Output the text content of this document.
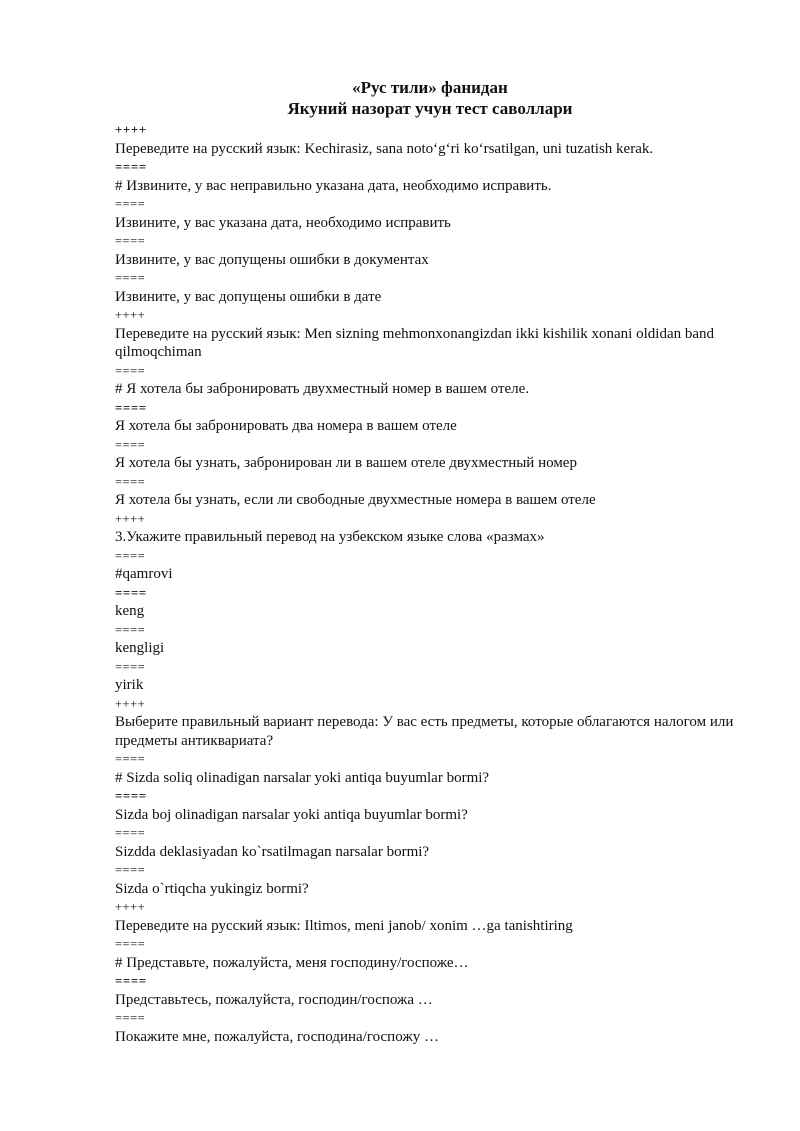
«Рус тили» фанидан
Якуний назорат учун тест саволлари
++++
Переведите на русский язык: Kechirasiz, sana noto‘g‘ri ko‘rsatilgan, uni tuzatish kerak.
====
# Извините, у вас неправильно указана дата, необходимо исправить.
====
Извините, у вас указана дата, необходимо исправить
====
Извините, у вас допущены ошибки в документах
====
Извините, у вас допущены ошибки в дате
++++
Переведите на русский язык: Men sizning mehmonxonangizdan ikki kishilik xonani oldidan band qilmoqchiman
====
# Я хотела бы забронировать двухместный номер в вашем отеле.
====
Я хотела бы забронировать два номера в вашем отеле
====
Я хотела бы узнать, забронирован ли в вашем отеле двухместный номер
====
Я хотела бы узнать, если ли свободные двухместные номера в вашем отеле
++++
3.Укажите правильный перевод на узбекском языке слова «размах»
====
#qamrovi
====
keng
====
kengligi
====
yirik
++++
Выберите правильный вариант перевода: У вас есть предметы, которые облагаются налогом или предметы антиквариата?
====
# Sizda soliq olinadigan narsalar yoki antiqa buyumlar bormi?
====
Sizda boj olinadigan narsalar yoki antiqa buyumlar bormi?
====
Sizdda deklasiyadan ko`rsatilmagan narsalar bormi?
====
Sizda o`rtiqcha yukingiz bormi?
++++
Переведите на русский язык: Iltimos, meni janob/ xonim …ga tanishtiring
====
# Представьте, пожалуйста, меня господину/госпоже…
====
Представьтесь, пожалуйста, господин/госпожа …
====
Покажите мне, пожалуйста, господина/госпожу …
